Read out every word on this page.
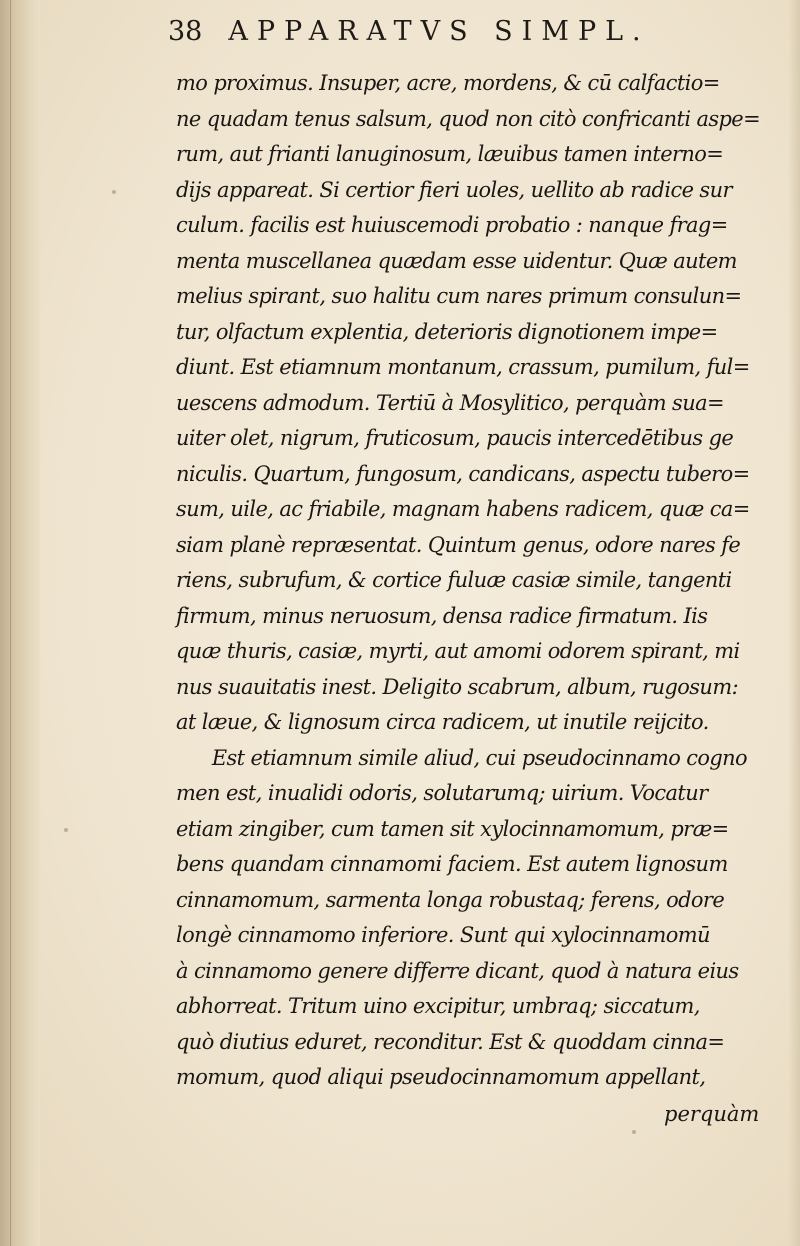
38 APPARATVS SIMPL.
mo proximus. Insuper, acre, mordens, & cū calfactio=
ne quadam tenus salsum, quod non citò confricanti aspe=
rum, aut frianti lanuginosum, læuibus tamen interno=
dijs appareat. Si certior fieri uoles, uellito ab radice sur
culum. facilis est huiuscemodi probatio : nanque frag=
menta muscellanea quædam esse uidentur. Quæ autem
melius spirant, suo halitu cum nares primum consulun=
tur, olfactum explentia, deterioris dignotionem impe=
diunt. Est etiamnum montanum, crassum, pumilum, ful=
uescens admodum. Tertiū à Mosylitico, perquàm sua=
uiter olet, nigrum, fruticosum, paucis intercedētibus ge
niculis. Quartum, fungosum, candicans, aspectu tubero=
sum, uile, ac friabile, magnam habens radicem, quæ ca=
siam planè repræsentat. Quintum genus, odore nares fe
riens, subrufum, & cortice fuluæ casiæ simile, tangenti
firmum, minus neruosum, densa radice firmatum. Iis
quæ thuris, casiæ, myrti, aut amomi odorem spirant, mi
nus suauitatis inest. Deligito scabrum, album, rugosum:
at læue, & lignosum circa radicem, ut inutile reijcito.
Est etiamnum simile aliud, cui pseudocinnamo cogno
men est, inualidi odoris, solutarumq; uirium. Vocatur
etiam zingiber, cum tamen sit xylocinnamomum, præ=
bens quandam cinnamomi faciem. Est autem lignosum
cinnamomum, sarmenta longa robustaq; ferens, odore
longè cinnamomo inferiore. Sunt qui xylocinnamomū
à cinnamomo genere differre dicant, quod à natura eius
abhorreat. Tritum uino excipitur, umbraq; siccatum,
quò diutius eduret, reconditur. Est & quoddam cinna=
momum, quod aliqui pseudocinnamomum appellant,
perquàm
